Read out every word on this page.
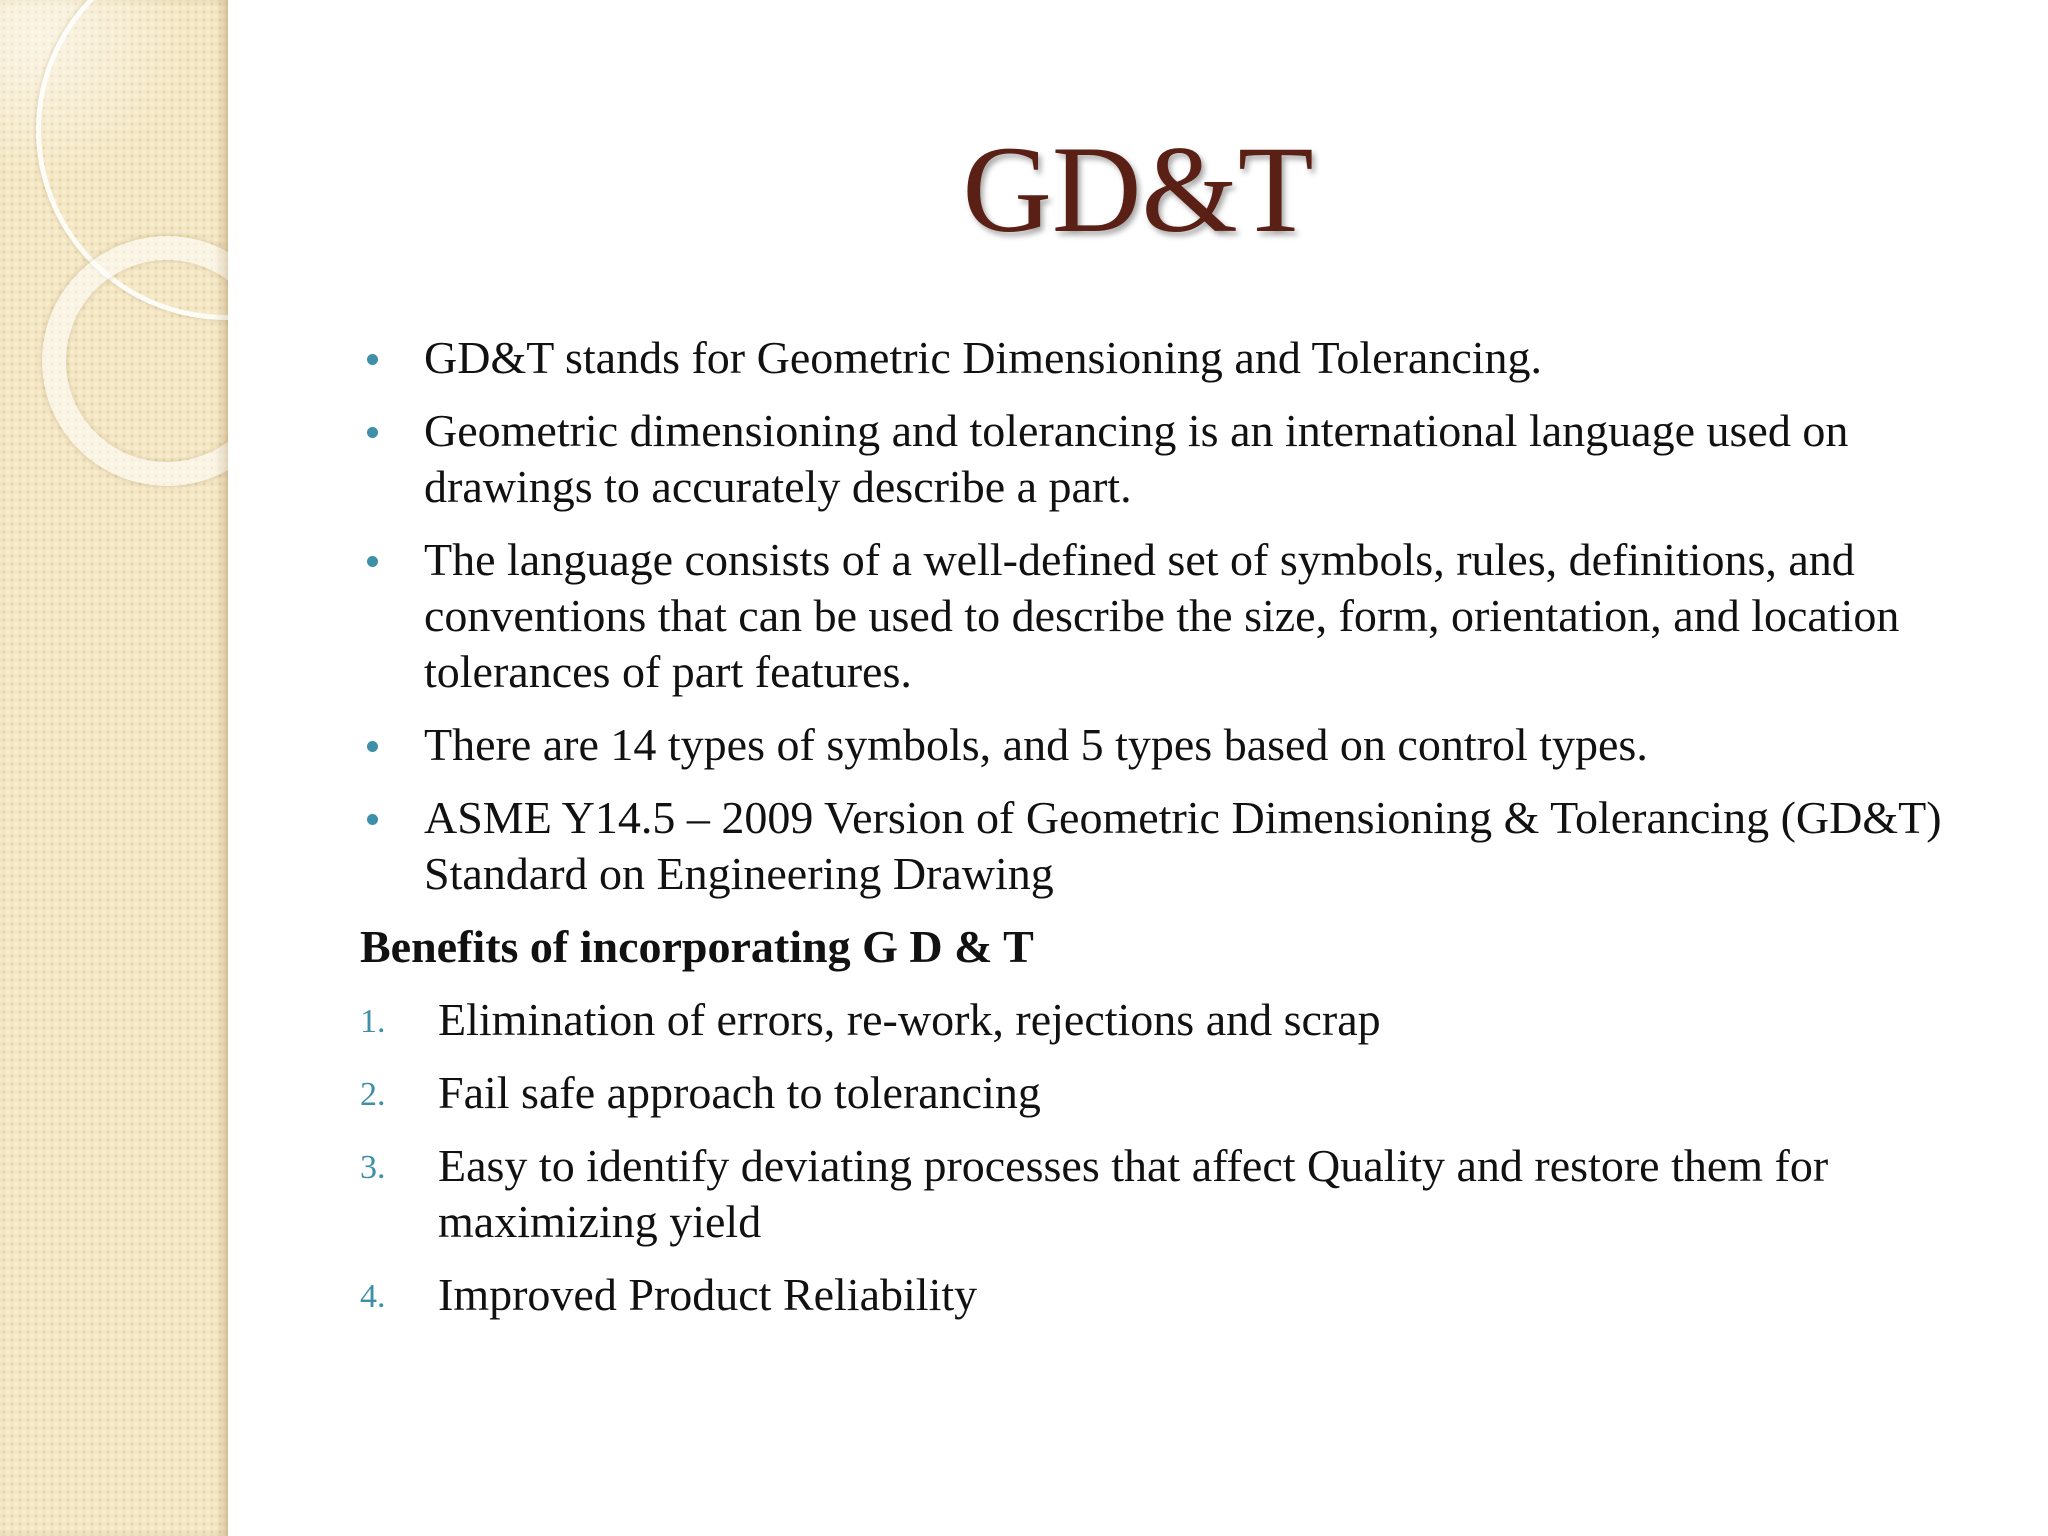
GD&T
GD&T stands for Geometric Dimensioning and Tolerancing.
Geometric dimensioning and tolerancing is an international language used on drawings to accurately describe a part.
The language consists of a well-defined set of symbols, rules, definitions, and conventions that can be used to describe the size, form, orientation, and location tolerances of part features.
There are 14 types of symbols, and 5 types based on control types.
ASME Y14.5 – 2009 Version of Geometric Dimensioning & Tolerancing (GD&T) Standard on Engineering Drawing
Benefits of incorporating G D & T
1. Elimination of errors, re-work, rejections and scrap
2. Fail safe approach to tolerancing
3. Easy to identify deviating processes that affect Quality and restore them for maximizing yield
4. Improved Product Reliability
